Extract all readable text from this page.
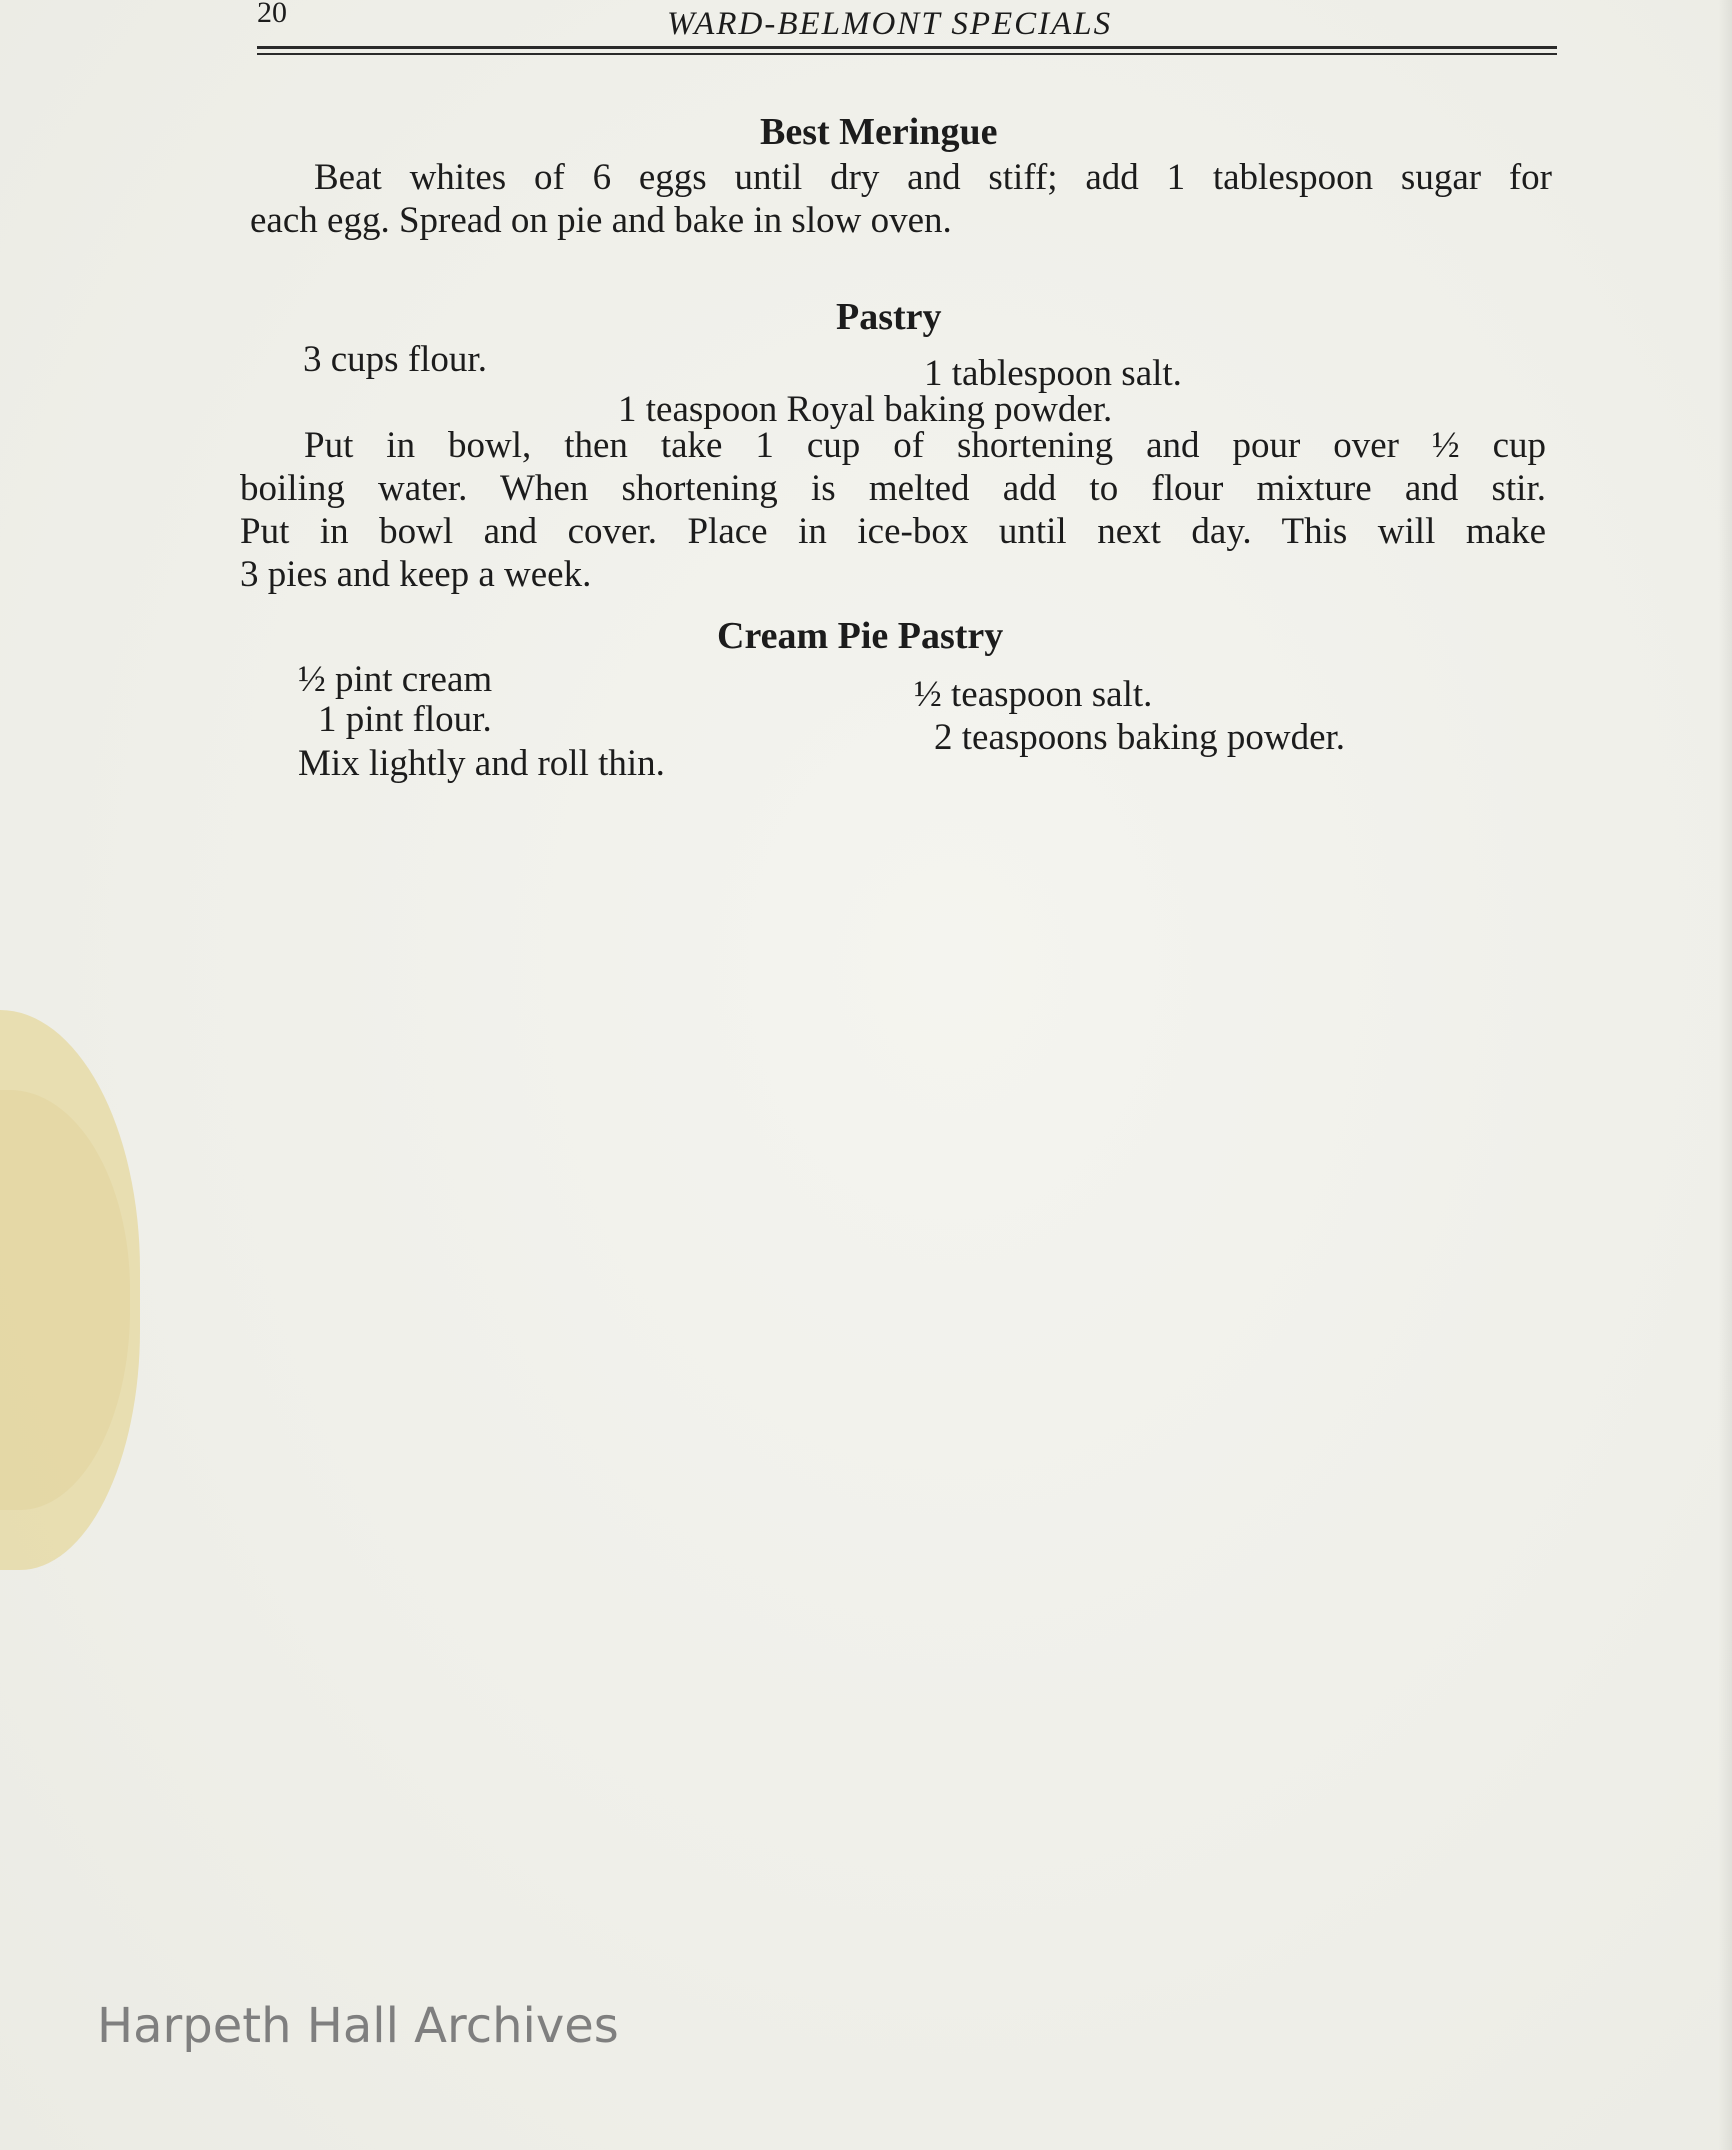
20	WARD-BELMONT SPECIALS
Best Meringue
Beat whites of 6 eggs until dry and stiff; add 1 tablespoon sugar for
each egg. Spread on pie and bake in slow oven.
Pastry
3 cups flour.	1 tablespoon salt.
1 teaspoon Royal baking powder.
Put in bowl, then take 1 cup of shortening and pour over ½ cup
boiling water. When shortening is melted add to flour mixture and stir.
Put in bowl and cover. Place in ice-box until next day. This will make
3 pies and keep a week.
Cream Pie Pastry
½ pint cream
1 pint flour.
½ teaspoon salt.
2 teaspoons baking powder.
Mix lightly and roll thin.
Harpeth Hall Archives
